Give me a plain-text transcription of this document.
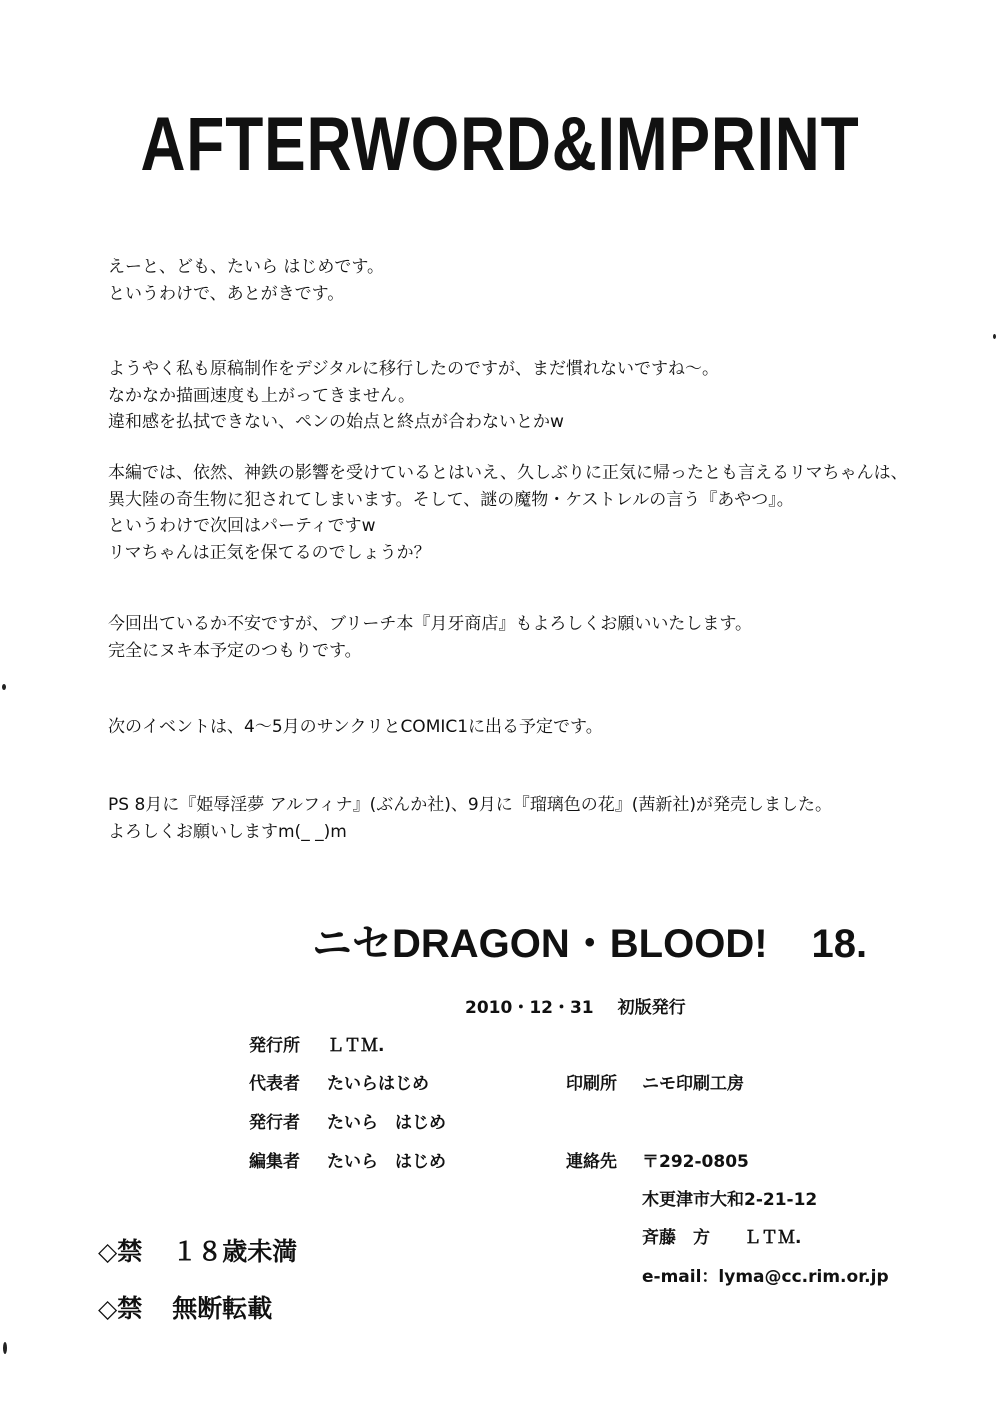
AFTERWORD&IMPRINT
えーと、ども、たいら はじめです。
というわけで、あとがきです。
ようやく私も原稿制作をデジタルに移行したのですが、まだ慣れないですね～。
なかなか描画速度も上がってきません。
違和感を払拭できない、ペンの始点と終点が合わないとかw
本編では、依然、神鉄の影響を受けているとはいえ、久しぶりに正気に帰ったとも言えるリマちゃんは、
異大陸の奇生物に犯されてしまいます。そして、謎の魔物・ケストレルの言う『あやつ』。
というわけで次回はパーティですw
リマちゃんは正気を保てるのでしょうか？
今回出ているか不安ですが、ブリーチ本『月牙商店』もよろしくお願いいたします。
完全にヌキ本予定のつもりです。
次のイベントは、4～5月のサンクリとCOMIC1に出る予定です。
PS 8月に『姫辱淫夢 アルフィナ』(ぶんか社)、9月に『瑠璃色の花』(茜新社)が発売しました。
よろしくお願いしますm(_ _)m
ニセDRAGON・BLOOD! 18.
2010・12・31 初版発行
発行所 ＬＴＭ.
代表者 たいらはじめ	印刷所 ニモ印刷工房
発行者 たいら　はじめ
編集者 たいら　はじめ	連絡先 〒292-0805
木更津市大和2-21-12
斉藤　方　　ＬＴＭ.
e-mail：lyma@cc.rim.or.jp
◇禁 １８歳未満
◇禁 無断転載
